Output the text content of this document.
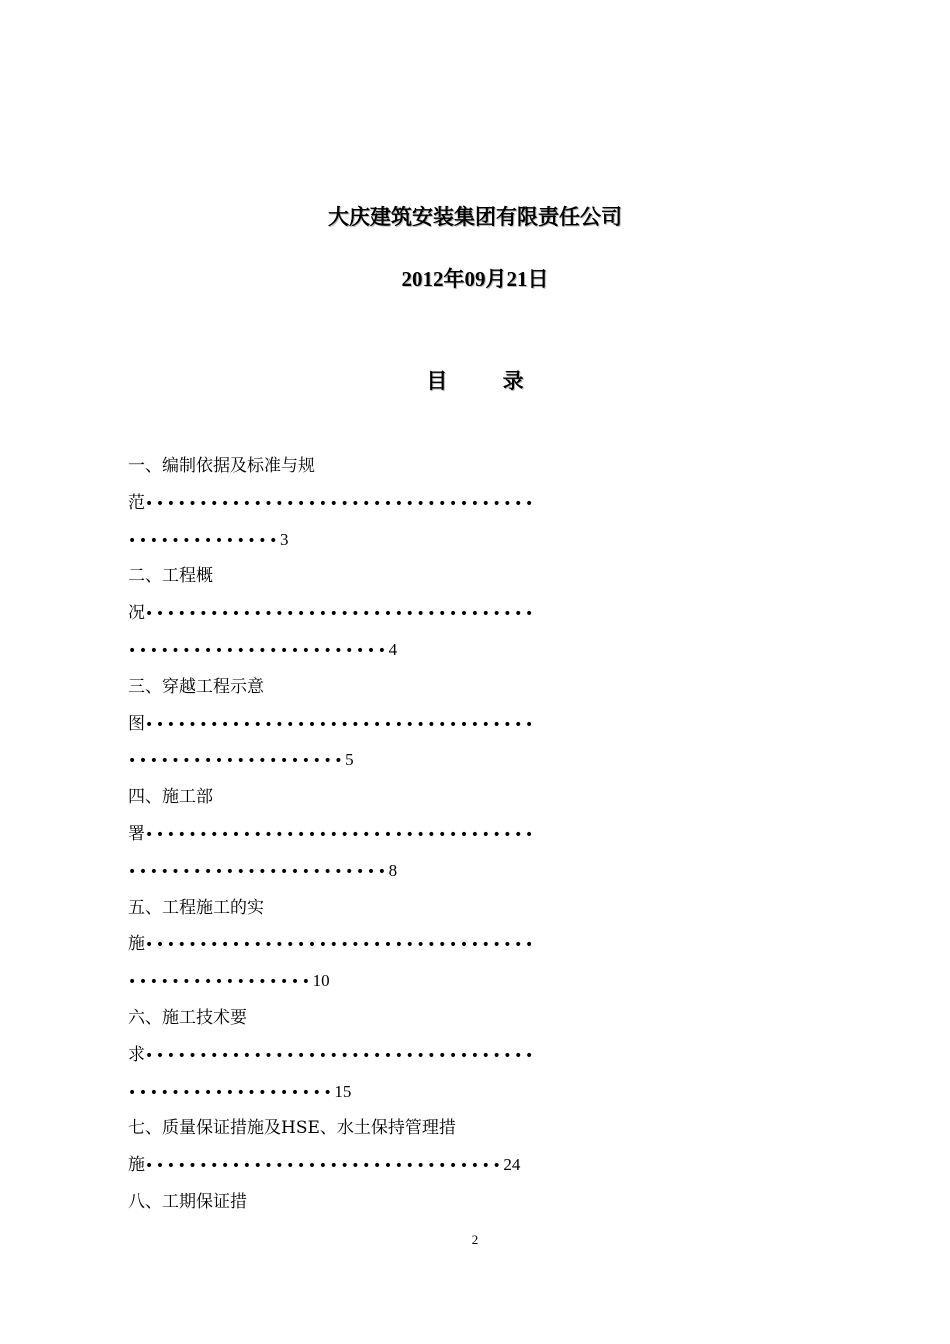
大庆建筑安装集团有限责任公司
2012年09月21日
目 录
一、编制依据及标准与规
范••••••••••••••••••••••••••••••••••••
••••••••••••••3
二、工程概
况••••••••••••••••••••••••••••••••••••
••••••••••••••••••••••••4
三、穿越工程示意
图••••••••••••••••••••••••••••••••••••
••••••••••••••••••••5
四、施工部
署••••••••••••••••••••••••••••••••••••
••••••••••••••••••••••••8
五、工程施工的实
施••••••••••••••••••••••••••••••••••••
•••••••••••••••••10
六、施工技术要
求••••••••••••••••••••••••••••••••••••
•••••••••••••••••••15
七、质量保证措施及HSE、水土保持管理措
施•••••••••••••••••••••••••••••••••24
八、工期保证措
2
